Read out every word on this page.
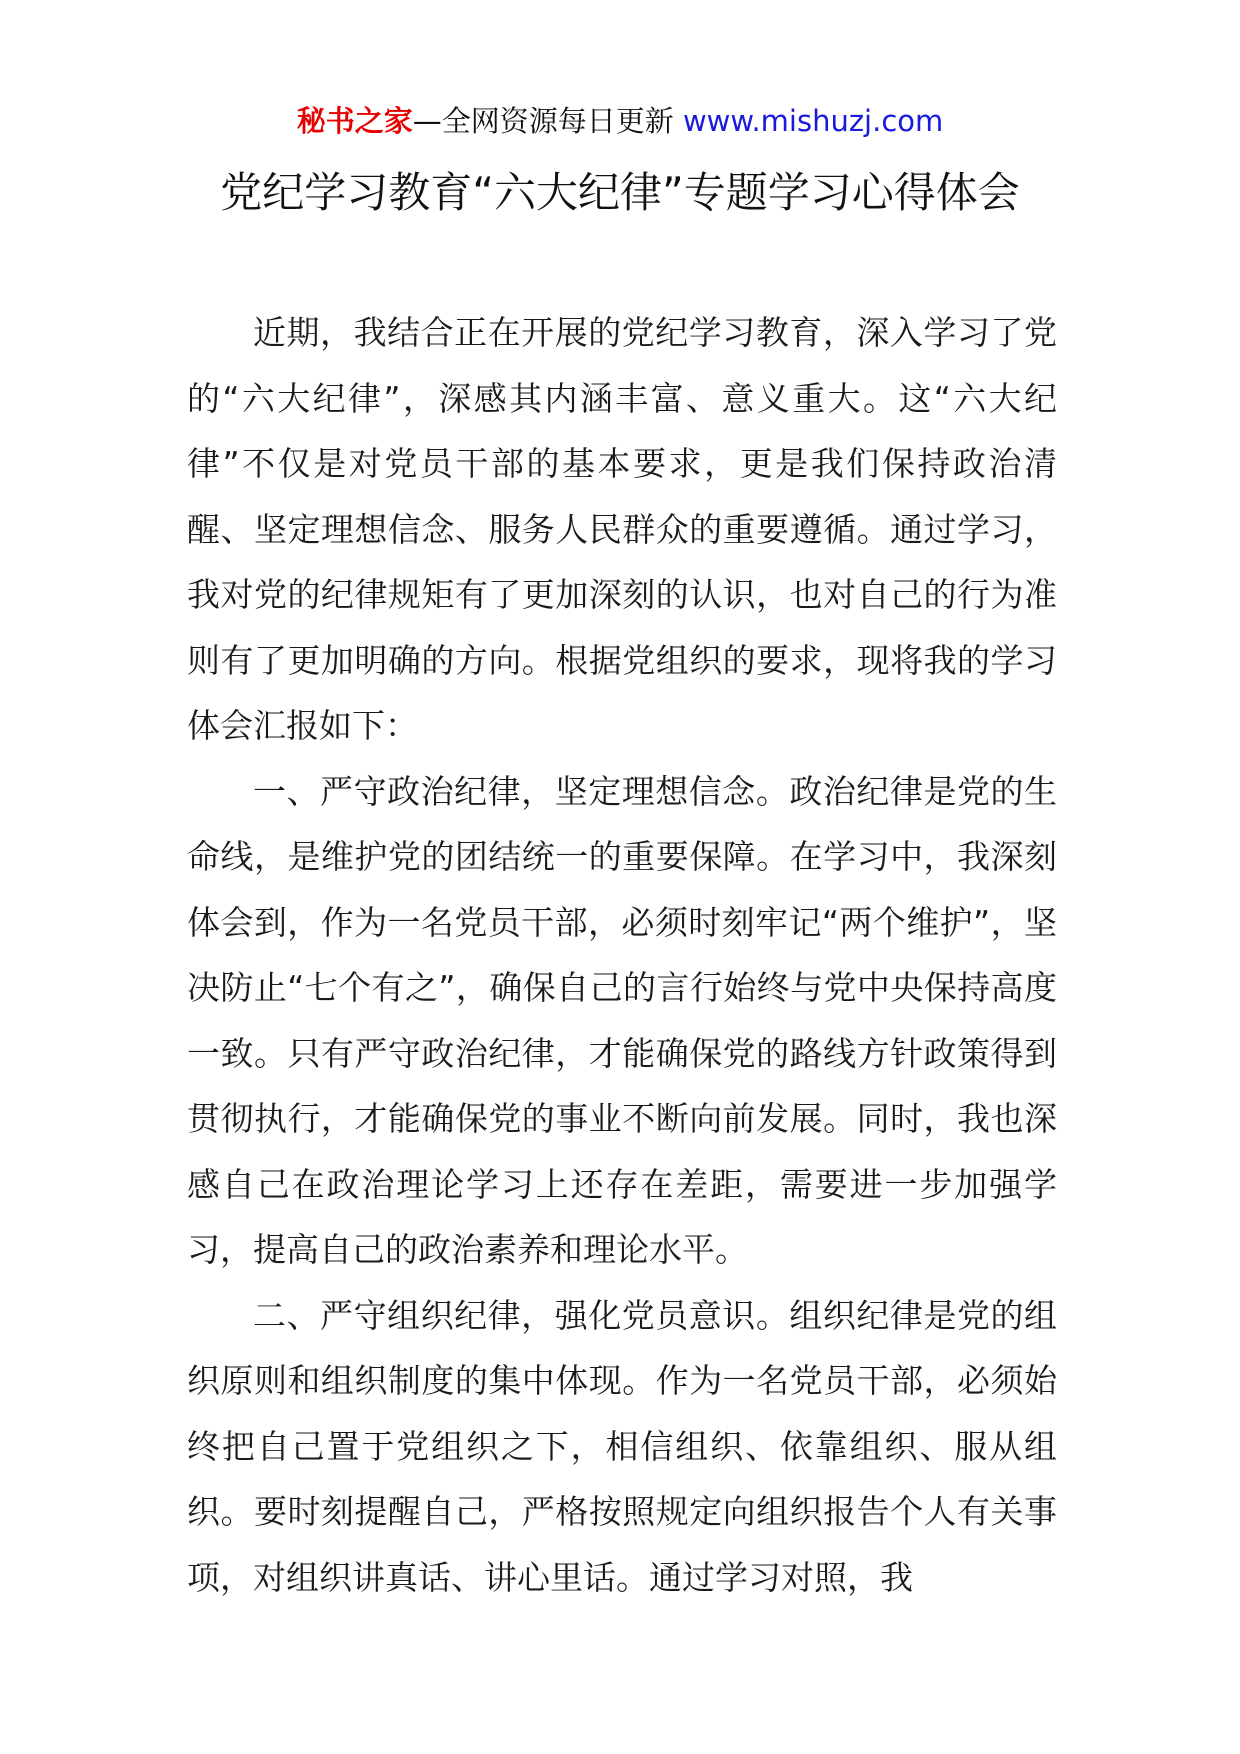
秘书之家—全网资源每日更新 www.mishuzj.com
党纪学习教育“六大纪律”专题学习心得体会

近期，我结合正在开展的党纪学习教育，深入学习了党的“六大纪律”，深感其内涵丰富、意义重大。这“六大纪律”不仅是对党员干部的基本要求，更是我们保持政治清醒、坚定理想信念、服务人民群众的重要遵循。通过学习，我对党的纪律规矩有了更加深刻的认识，也对自己的行为准则有了更加明确的方向。根据党组织的要求，现将我的学习体会汇报如下：

一、严守政治纪律，坚定理想信念。政治纪律是党的生命线，是维护党的团结统一的重要保障。在学习中，我深刻体会到，作为一名党员干部，必须时刻牢记“两个维护”，坚决防止“七个有之”，确保自己的言行始终与党中央保持高度一致。只有严守政治纪律，才能确保党的路线方针政策得到贯彻执行，才能确保党的事业不断向前发展。同时，我也深感自己在政治理论学习上还存在差距，需要进一步加强学习，提高自己的政治素养和理论水平。

二、严守组织纪律，强化党员意识。组织纪律是党的组织原则和组织制度的集中体现。作为一名党员干部，必须始终把自己置于党组织之下，相信组织、依靠组织、服从组织。要时刻提醒自己，严格按照规定向组织报告个人有关事项，对组织讲真话、讲心里话。通过学习对照，我
